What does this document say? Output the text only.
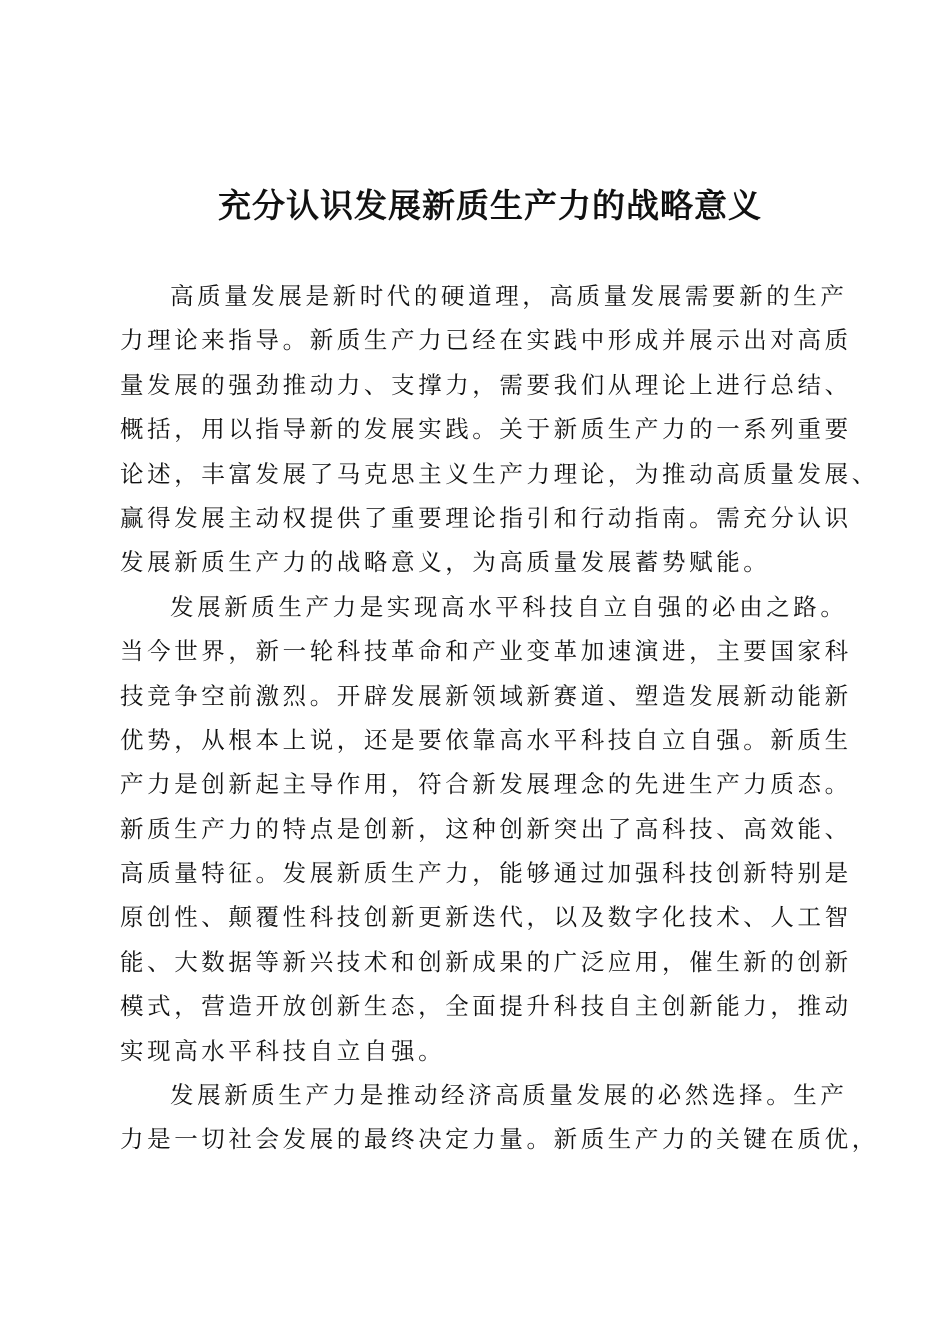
充分认识发展新质生产力的战略意义

高质量发展是新时代的硬道理，高质量发展需要新的生产
力理论来指导。新质生产力已经在实践中形成并展示出对高质
量发展的强劲推动力、支撑力，需要我们从理论上进行总结、
概括，用以指导新的发展实践。关于新质生产力的一系列重要
论述，丰富发展了马克思主义生产力理论，为推动高质量发展、
赢得发展主动权提供了重要理论指引和行动指南。需充分认识
发展新质生产力的战略意义，为高质量发展蓄势赋能。

发展新质生产力是实现高水平科技自立自强的必由之路。
当今世界，新一轮科技革命和产业变革加速演进，主要国家科
技竞争空前激烈。开辟发展新领域新赛道、塑造发展新动能新
优势，从根本上说，还是要依靠高水平科技自立自强。新质生
产力是创新起主导作用，符合新发展理念的先进生产力质态。
新质生产力的特点是创新，这种创新突出了高科技、高效能、
高质量特征。发展新质生产力，能够通过加强科技创新特别是
原创性、颠覆性科技创新更新迭代，以及数字化技术、人工智
能、大数据等新兴技术和创新成果的广泛应用，催生新的创新
模式，营造开放创新生态，全面提升科技自主创新能力，推动
实现高水平科技自立自强。

发展新质生产力是推动经济高质量发展的必然选择。生产
力是一切社会发展的最终决定力量。新质生产力的关键在质优，
